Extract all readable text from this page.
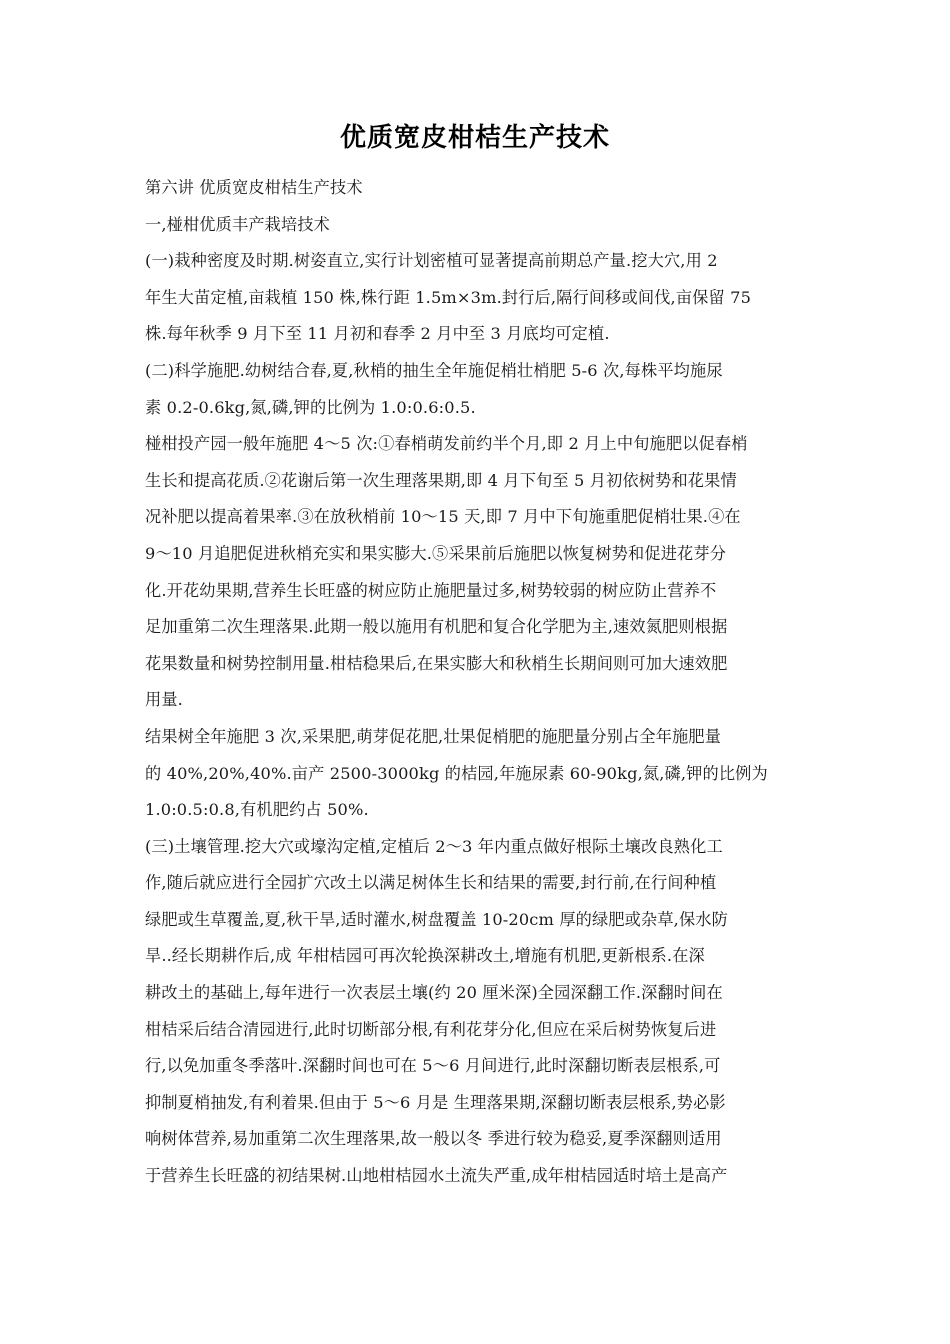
优质宽皮柑桔生产技术
第六讲 优质宽皮柑桔生产技术
一,椪柑优质丰产栽培技术
(一)栽种密度及时期.树姿直立,实行计划密植可显著提高前期总产量.挖大穴,用 2
年生大苗定植,亩栽植 150 株,株行距 1.5m×3m.封行后,隔行间移或间伐,亩保留 75
株.每年秋季 9 月下至 11 月初和春季 2 月中至 3 月底均可定植.
(二)科学施肥.幼树结合春,夏,秋梢的抽生全年施促梢壮梢肥 5-6 次,每株平均施尿
素 0.2-0.6kg,氮,磷,钾的比例为 1.0:0.6:0.5.
椪柑投产园一般年施肥 4～5 次:①春梢萌发前约半个月,即 2 月上中旬施肥以促春梢
生长和提高花质.②花谢后第一次生理落果期,即 4 月下旬至 5 月初依树势和花果情
况补肥以提高着果率.③在放秋梢前 10～15 天,即 7 月中下旬施重肥促梢壮果.④在
9～10 月追肥促进秋梢充实和果实膨大.⑤采果前后施肥以恢复树势和促进花芽分
化.开花幼果期,营养生长旺盛的树应防止施肥量过多,树势较弱的树应防止营养不
足加重第二次生理落果.此期一般以施用有机肥和复合化学肥为主,速效氮肥则根据
花果数量和树势控制用量.柑桔稳果后,在果实膨大和秋梢生长期间则可加大速效肥
用量.
结果树全年施肥 3 次,采果肥,萌芽促花肥,壮果促梢肥的施肥量分别占全年施肥量
的 40%,20%,40%.亩产 2500-3000kg 的桔园,年施尿素 60-90kg,氮,磷,钾的比例为
1.0:0.5:0.8,有机肥约占 50%.
(三)土壤管理.挖大穴或壕沟定植,定植后 2～3 年内重点做好根际土壤改良熟化工
作,随后就应进行全园扩穴改土以满足树体生长和结果的需要,封行前,在行间种植
绿肥或生草覆盖,夏,秋干旱,适时灌水,树盘覆盖 10-20cm 厚的绿肥或杂草,保水防
旱..经长期耕作后,成 年柑桔园可再次轮换深耕改土,增施有机肥,更新根系.在深
耕改土的基础上,每年进行一次表层土壤(约 20 厘米深)全园深翻工作.深翻时间在
柑桔采后结合清园进行,此时切断部分根,有利花芽分化,但应在采后树势恢复后进
行,以免加重冬季落叶.深翻时间也可在 5～6 月间进行,此时深翻切断表层根系,可
抑制夏梢抽发,有利着果.但由于 5～6 月是 生理落果期,深翻切断表层根系,势必影
响树体营养,易加重第二次生理落果,故一般以冬 季进行较为稳妥,夏季深翻则适用
于营养生长旺盛的初结果树.山地柑桔园水土流失严重,成年柑桔园适时培土是高产
